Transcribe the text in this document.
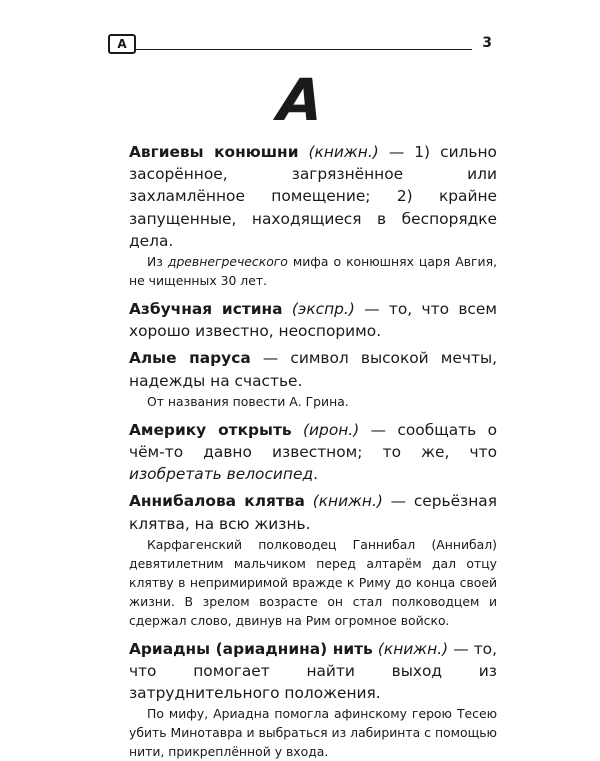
А	3
А

Авгиевы конюшни (книжн.) — 1) сильно засорённое, загрязнённое или захламлённое помещение; 2) крайне запущенные, находящиеся в беспорядке дела.

Из древнегреческого мифа о конюшнях царя Авгия, не чищенных 30 лет.

Азбучная истина (экспр.) — то, что всем хорошо известно, неоспоримо.

Алые паруса — символ высокой мечты, надежды на счастье.

От названия повести А. Грина.

Америку открыть (ирон.) — сообщать о чём-то давно известном; то же, что изобретать велосипед.

Аннибалова клятва (книжн.) — серьёзная клятва, на всю жизнь.

Карфагенский полководец Ганнибал (Аннибал) девятилетним мальчиком перед алтарём дал отцу клятву в непримиримой вражде к Риму до конца своей жизни. В зрелом возрасте он стал полководцем и сдержал слово, двинув на Рим огромное войско.

Ариадны (ариаднина) нить (книжн.) — то, что помогает найти выход из затруднительного положения.

По мифу, Ариадна помогла афинскому герою Тесею убить Минотавра и выбраться из лабиринта с помощью нити, прикреплённой у входа.
